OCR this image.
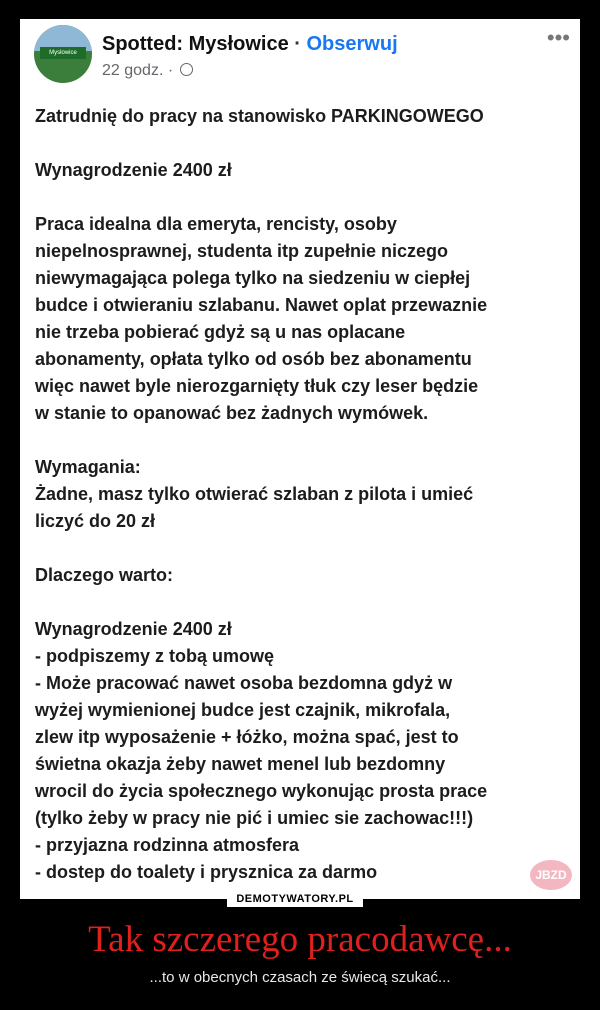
Mysłowice	Spotted: Mysłowice · Obserwuj
22 godz. ·
•••

Zatrudnię do pracy na stanowisko PARKINGOWEGO

Wynagrodzenie 2400 zł

Praca idealna dla emeryta, rencisty, osoby

niepelnosprawnej, studenta itp zupełnie niczego

niewymagająca polega tylko na siedzeniu w ciepłej

budce i otwieraniu szlabanu. Nawet oplat przewaznie

nie trzeba pobierać gdyż są u nas oplacane

abonamenty, opłata tylko od osób bez abonamentu

więc nawet byle nierozgarnięty tłuk czy leser będzie

w stanie to opanować bez żadnych wymówek.

Wymagania:

Żadne, masz tylko otwierać szlaban z pilota i umieć

liczyć do 20 zł

Dlaczego warto:

Wynagrodzenie 2400 zł

- podpiszemy z tobą umowę

- Może pracować nawet osoba bezdomna gdyż w

wyżej wymienionej budce jest czajnik, mikrofala,

zlew itp wyposażenie + łóżko, można spać, jest to

świetna okazja żeby nawet menel lub bezdomny

wrocil do życia społecznego wykonując prosta prace

(tylko żeby w pracy nie pić i umiec sie zachowac!!!)

- przyjazna rodzinna atmosfera

- dostep do toalety i prysznica za darmo	JBZD
DEMOTYWATORY.PL
Tak szczerego pracodawcę...
...to w obecnych czasach ze świecą szukać...
